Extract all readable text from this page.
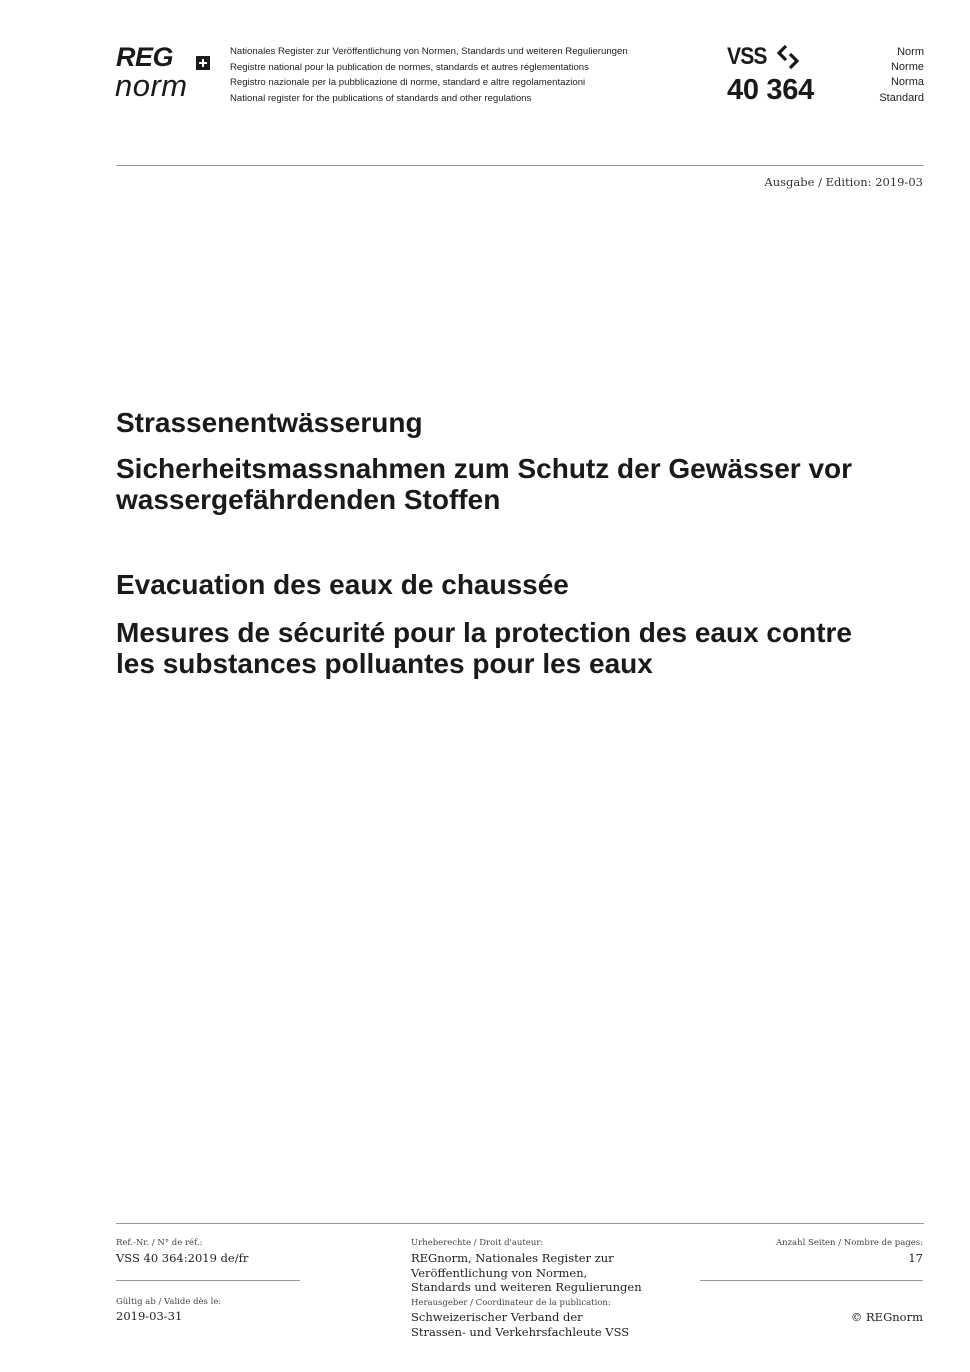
REG
norm
Nationales Register zur Veröffentlichung von Normen, Standards und weiteren Regulierungen
Registre national pour la publication de normes, standards et autres réglementations
Registro nazionale per la pubblicazione di norme, standard e altre regolamentazioni
National register for the publications of standards and other regulations
VSS
40 364
Norm
Norme
Norma
Standard
Ausgabe / Edition: 2019-03
Strassenentwässerung
Sicherheitsmassnahmen zum Schutz der Gewässer vor wassergefährdenden Stoffen
Evacuation des eaux de chaussée
Mesures de sécurité pour la protection des eaux contre les substances polluantes pour les eaux
Ref.-Nr. / N° de réf.:
VSS 40 364:2019 de/fr
Gültig ab / Valide dès le:
2019-03-31
Urheberechte / Droit d'auteur:
REGnorm, Nationales Register zur Veröffentlichung von Normen, Standards und weiteren Regulierungen
Herausgeber / Coordinateur de la publication:
Schweizerischer Verband der Strassen- und Verkehrsfachleute VSS
Anzahl Seiten / Nombre de pages:
17
© REGnorm
